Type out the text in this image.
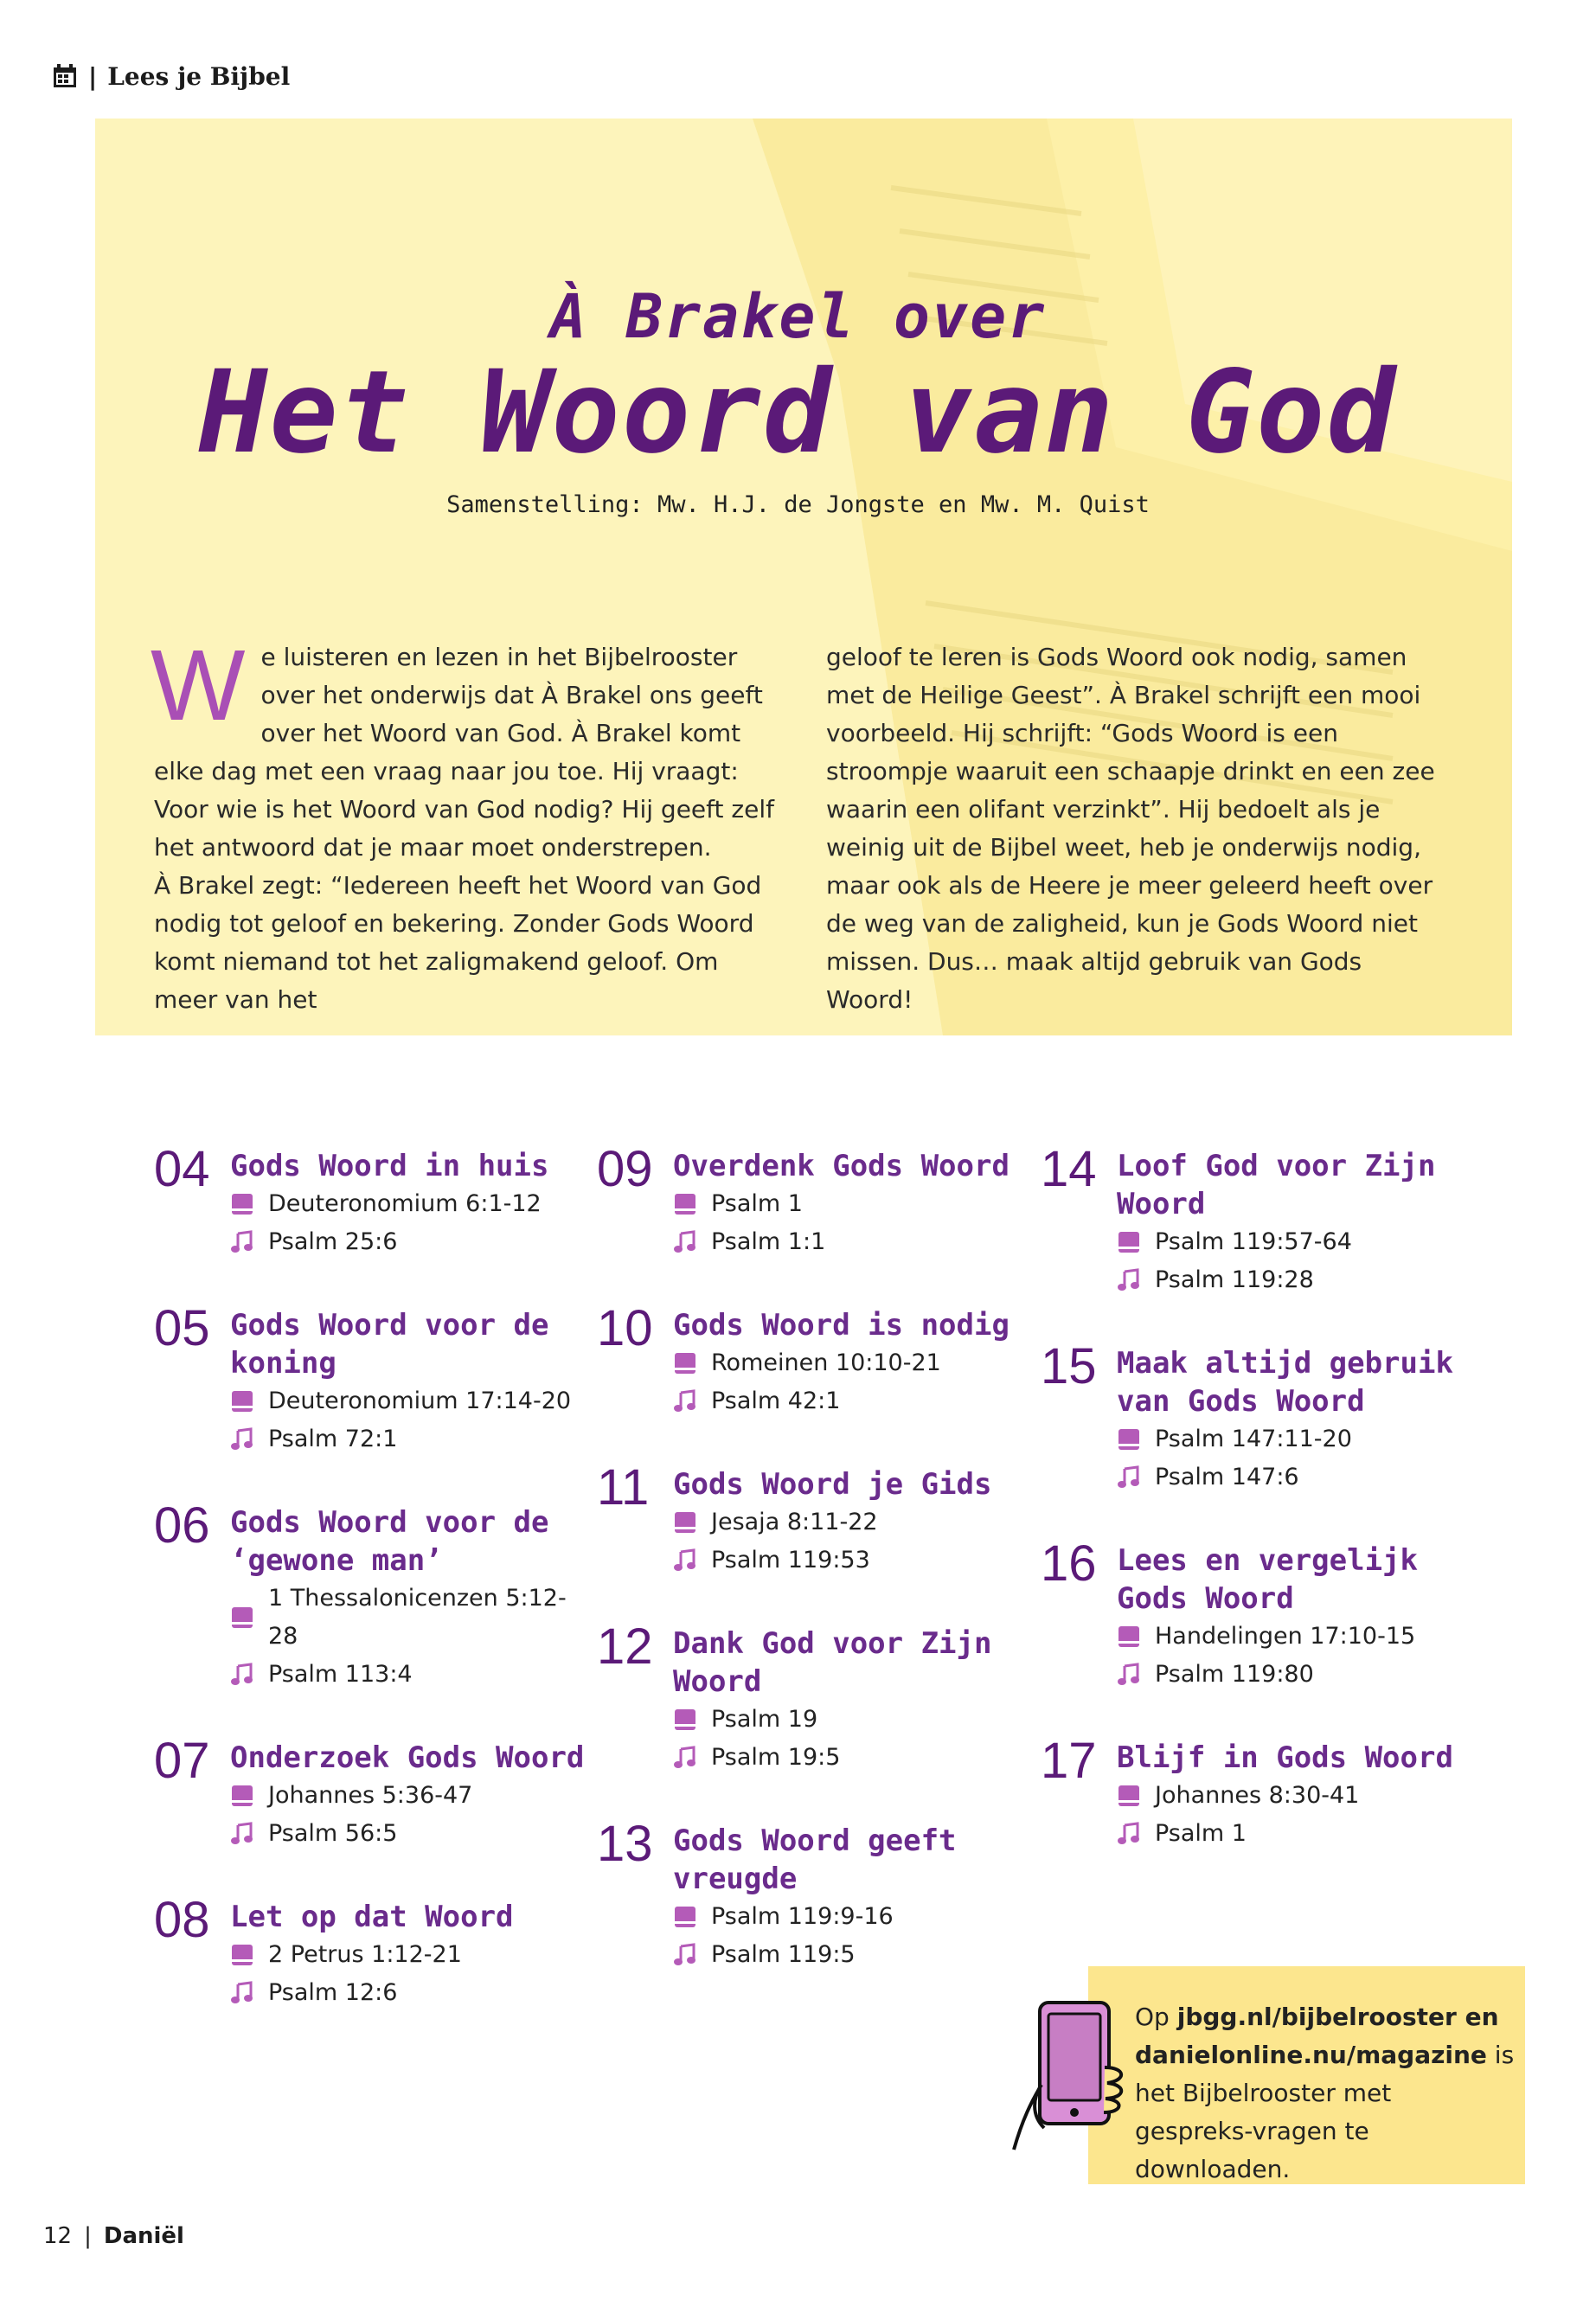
| Lees je Bijbel
À Brakel over
Het Woord van God
Samenstelling: Mw. H.J. de Jongste en Mw. M. Quist
W e luisteren en lezen in het Bijbelrooster over het onderwijs dat À Brakel ons geeft over het Woord van God. À Brakel komt elke dag met een vraag naar jou toe. Hij vraagt: Voor wie is het Woord van God nodig? Hij geeft zelf het antwoord dat je maar moet onderstrepen.

À Brakel zegt: “Iedereen heeft het Woord van God nodig tot geloof en bekering. Zonder Gods Woord komt niemand tot het zaligmakend geloof. Om meer van het

geloof te leren is Gods Woord ook nodig, samen met de Heilige Geest”. À Brakel schrijft een mooi voorbeeld. Hij schrijft: “Gods Woord is een stroompje waaruit een schaapje drinkt en een zee waarin een olifant verzinkt”. Hij bedoelt als je weinig uit de Bijbel weet, heb je onderwijs nodig, maar ook als de Heere je meer geleerd heeft over de weg van de zaligheid, kun je Gods Woord niet missen. Dus… maak altijd gebruik van Gods Woord!

04 Gods Woord in huis
Deuteronomium 6:1-12
Psalm 25:6
05 Gods Woord voor de koning
Deuteronomium 17:14-20
Psalm 72:1
06 Gods Woord voor de ‘gewone man’
1 Thessalonicenzen 5:12-28
Psalm 113:4
07 Onderzoek Gods Woord
Johannes 5:36-47
Psalm 56:5
08 Let op dat Woord
2 Petrus 1:12-21
Psalm 12:6
09 Overdenk Gods Woord
Psalm 1
Psalm 1:1
10 Gods Woord is nodig
Romeinen 10:10-21
Psalm 42:1
11 Gods Woord je Gids
Jesaja 8:11-22
Psalm 119:53
12 Dank God voor Zijn Woord
Psalm 19
Psalm 19:5
13 Gods Woord geeft vreugde
Psalm 119:9-16
Psalm 119:5
14 Loof God voor Zijn Woord
Psalm 119:57-64
Psalm 119:28
15 Maak altijd gebruik van Gods Woord
Psalm 147:11-20
Psalm 147:6
16 Lees en vergelijk Gods Woord
Handelingen 17:10-15
Psalm 119:80
17 Blijf in Gods Woord
Johannes 8:30-41
Psalm 1
Op jbgg.nl/bijbelrooster en danielonline.nu/magazine is het Bijbelrooster met gespreks-vragen te downloaden.
12 | Daniël
